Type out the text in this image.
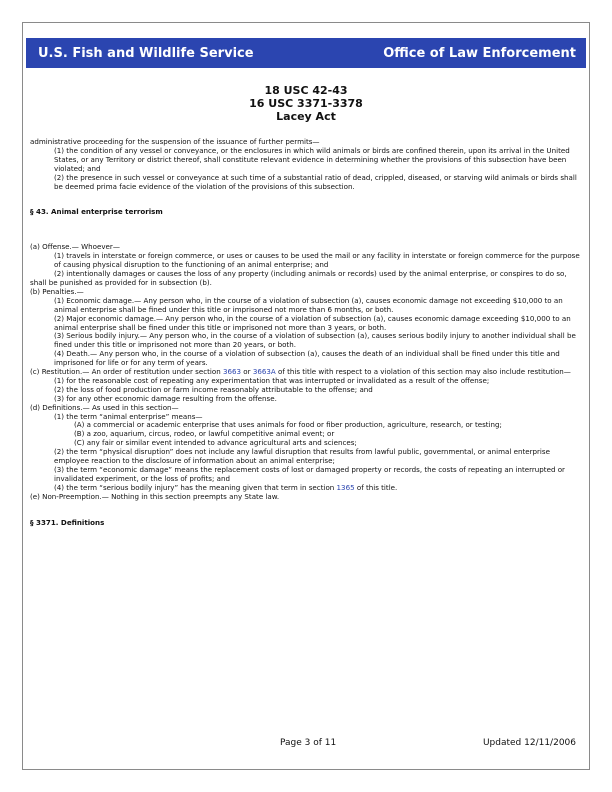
U.S. Fish and Wildlife Service	Office of Law Enforcement
18 USC 42-43
16 USC 3371-3378
Lacey Act

administrative proceeding for the suspension of the issuance of further permits—

(1) the condition of any vessel or conveyance, or the enclosures in which wild animals or birds are confined therein, upon its arrival in the United States, or any Territory or district thereof, shall constitute relevant evidence in determining whether the provisions of this subsection have been violated; and

(2) the presence in such vessel or conveyance at such time of a substantial ratio of dead, crippled, diseased, or starving wild animals or birds shall be deemed prima facie evidence of the violation of the provisions of this subsection.

§ 43. Animal enterprise terrorism

(a) Offense.— Whoever—

(1) travels in interstate or foreign commerce, or uses or causes to be used the mail or any facility in interstate or foreign commerce for the purpose of causing physical disruption to the functioning of an animal enterprise; and

(2) intentionally damages or causes the loss of any property (including animals or records) used by the animal enterprise, or conspires to do so,

shall be punished as provided for in subsection (b).

(b) Penalties.—

(1) Economic damage.— Any person who, in the course of a violation of subsection (a), causes economic damage not exceeding $10,000 to an animal enterprise shall be fined under this title or imprisoned not more than 6 months, or both.

(2) Major economic damage.— Any person who, in the course of a violation of subsection (a), causes economic damage exceeding $10,000 to an animal enterprise shall be fined under this title or imprisoned not more than 3 years, or both.

(3) Serious bodily injury.— Any person who, in the course of a violation of subsection (a), causes serious bodily injury to another individual shall be fined under this title or imprisoned not more than 20 years, or both.

(4) Death.— Any person who, in the course of a violation of subsection (a), causes the death of an individual shall be fined under this title and imprisoned for life or for any term of years.

(c) Restitution.— An order of restitution under section 3663 or 3663A of this title with respect to a violation of this section may also include restitution—

(1) for the reasonable cost of repeating any experimentation that was interrupted or invalidated as a result of the offense;

(2) the loss of food production or farm income reasonably attributable to the offense; and

(3) for any other economic damage resulting from the offense.

(d) Definitions.— As used in this section—

(1) the term “animal enterprise” means—

(A) a commercial or academic enterprise that uses animals for food or fiber production, agriculture, research, or testing;

(B) a zoo, aquarium, circus, rodeo, or lawful competitive animal event; or

(C) any fair or similar event intended to advance agricultural arts and sciences;

(2) the term “physical disruption” does not include any lawful disruption that results from lawful public, governmental, or animal enterprise employee reaction to the disclosure of information about an animal enterprise;

(3) the term “economic damage” means the replacement costs of lost or damaged property or records, the costs of repeating an interrupted or invalidated experiment, or the loss of profits; and

(4) the term “serious bodily injury” has the meaning given that term in section 1365 of this title.

(e) Non-Preemption.— Nothing in this section preempts any State law.

§ 3371. Definitions

Page 3 of 11	Updated 12/11/2006
